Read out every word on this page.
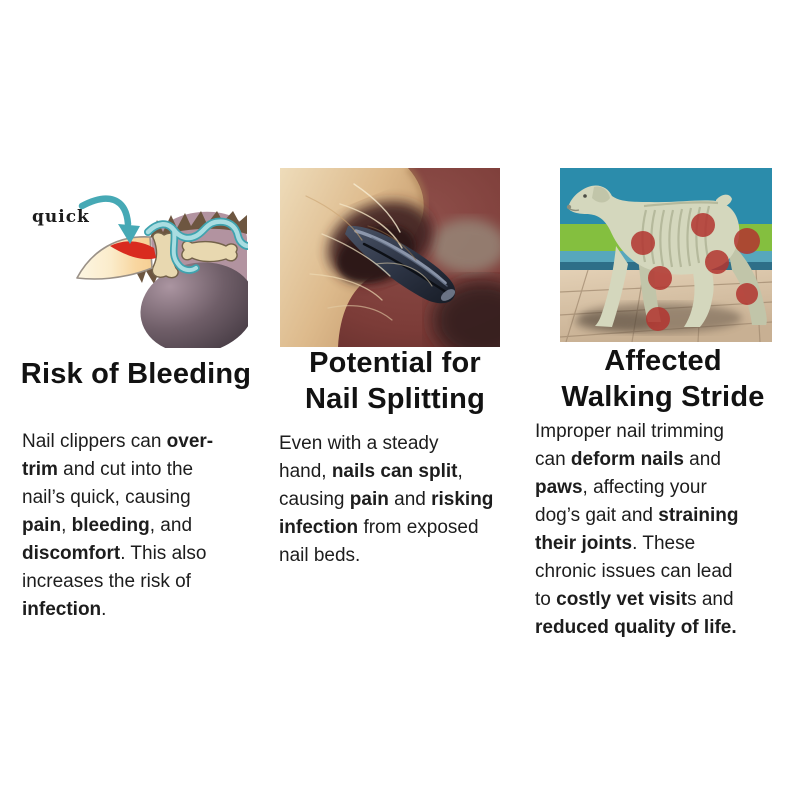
quick
Risk of Bleeding
Nail clippers can over-
trim and cut into the
nail’s quick, causing
pain, bleeding, and
discomfort. This also
increases the risk of
infection.
Potential for
Nail Splitting
Even with a steady
hand, nails can split,
causing pain and risking
infection from exposed
nail beds.
Affected
Walking Stride
Improper nail trimming
can deform nails and
paws, affecting your
dog’s gait and straining
their joints. These
chronic issues can lead
to costly vet visits and
reduced quality of life.
